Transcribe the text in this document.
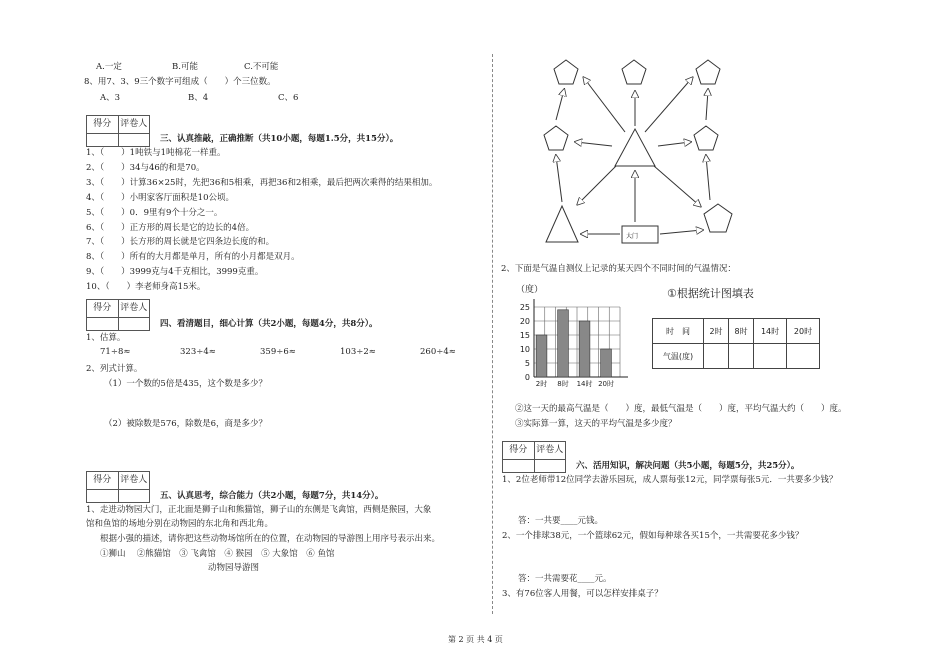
A.一定	B.可能	C.不可能
8、用7、3、9三个数字可组成（　　）个三位数。
A、3	B、4	C、6
得分 评卷人
三、认真推敲，正确推断（共10小题，每题1.5分，共15分）。
1、（　　）1吨铁与1吨棉花一样重。
2、（　　）34与46的和是70。
3、（　　）计算36×25时，先把36和5相乘，再把36和2相乘，最后把两次乘得的结果相加。
4、（　　）小明家客厅面积是10公顷。
5、（　　）0．9里有9个十分之一。
6、（　　）正方形的周长是它的边长的4倍。
7、（　　）长方形的周长就是它四条边长度的和。
8、（　　）所有的大月都是单月，所有的小月都是双月。
9、（　　）3999克与4千克相比，3999克重。
10、（　　）李老师身高15米。
得分 评卷人
四、看清题目，细心计算（共2小题，每题4分，共8分）。
1、估算。
71÷8≈	323÷4≈	359÷6≈	103÷2≈	260÷4≈
2、列式计算。
（1）一个数的5倍是435，这个数是多少？
（2）被除数是576，除数是6，商是多少？
得分 评卷人
五、认真思考，综合能力（共2小题，每题7分，共14分）。
1、走进动物园大门，正北面是狮子山和熊猫馆，狮子山的东侧是飞禽馆，西侧是猴园，大象
馆和鱼馆的场地分别在动物园的东北角和西北角。
根据小强的描述，请你把这些动物场馆所在的位置，在动物园的导游图上用序号表示出来。
①狮山　 ②熊猫馆　③ 飞禽馆　④ 猴园　⑤ 大象馆　⑥ 鱼馆
动物园导游图
大门
2、下面是气温自测仪上记录的某天四个不同时间的气温情况：
（度）
0
5
10
15
20
25
2时 8时 14时 20时
①根据统计图填表
时　间	2时	8时	14时	20时
气温(度)				
②这一天的最高气温是（　　）度，最低气温是（　　）度，平均气温大约（　　）度。
③实际算一算，这天的平均气温是多少度？
得分 评卷人
六、活用知识，解决问题（共5小题，每题5分，共25分）。
1、2位老师带12位同学去游乐园玩，成人票每张12元，同学票每张5元．一共要多少钱？
答：一共要____元钱。
2、一个排球38元，一个篮球62元，假如每种球各买15个，一共需要花多少钱？
答：一共需要花____元。
3、有76位客人用餐，可以怎样安排桌子？
第 2 页 共 4 页
